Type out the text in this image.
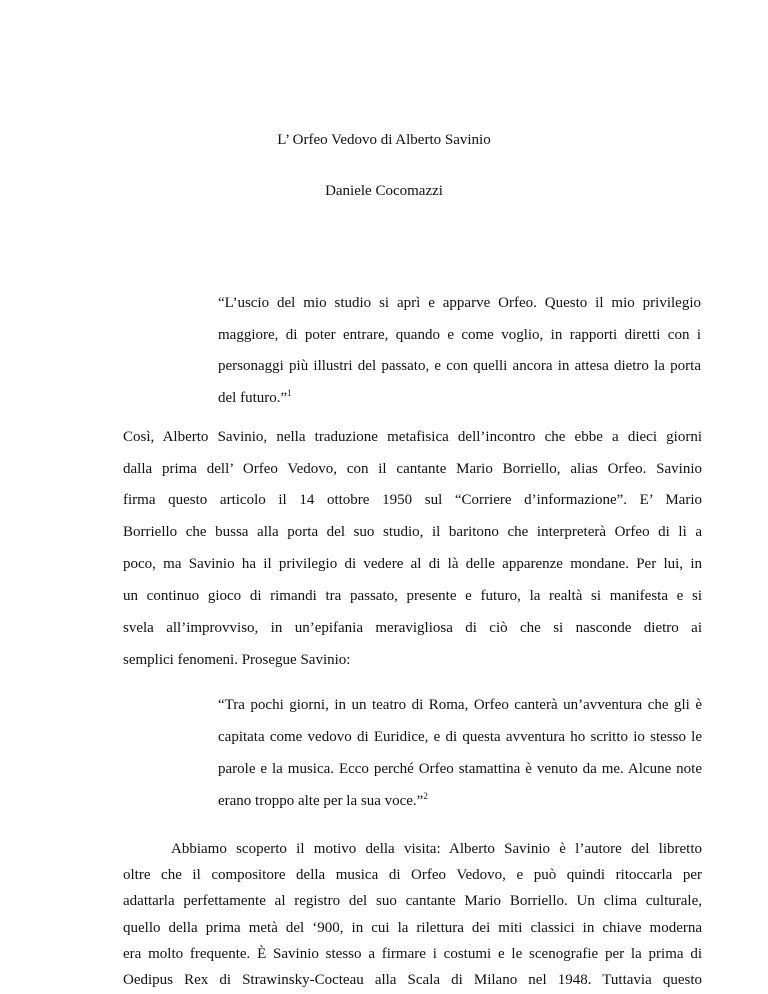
L’ Orfeo Vedovo di Alberto Savinio
Daniele Cocomazzi
“L’uscio del mio studio si aprì e apparve Orfeo. Questo il mio privilegio
maggiore, di poter entrare, quando e come voglio, in rapporti diretti con i
personaggi più illustri del passato, e con quelli ancora in attesa dietro la porta
del futuro.”$^1$
Così, Alberto Savinio, nella traduzione metafisica dell’incontro che ebbe a dieci giorni
dalla prima dell’ Orfeo Vedovo, con il cantante Mario Borriello, alias Orfeo. Savinio
firma questo articolo il 14 ottobre 1950 sul “Corriere d’informazione”. E’ Mario
Borriello che bussa alla porta del suo studio, il baritono che interpreterà Orfeo di lì a
poco, ma Savinio ha il privilegio di vedere al di là delle apparenze mondane. Per lui, in
un continuo gioco di rimandi tra passato, presente e futuro, la realtà si manifesta e si
svela all’improvviso, in un’epifania meravigliosa di ciò che si nasconde dietro ai
semplici fenomeni. Prosegue Savinio:
“Tra pochi giorni, in un teatro di Roma, Orfeo canterà un’avventura che gli è
capitata come vedovo di Euridice, e di questa avventura ho scritto io stesso le
parole e la musica. Ecco perché Orfeo stamattina è venuto da me. Alcune note
erano troppo alte per la sua voce.”$^2$
Abbiamo scoperto il motivo della visita: Alberto Savinio è l’autore del libretto
oltre che il compositore della musica di Orfeo Vedovo, e può quindi ritoccarla per
adattarla perfettamente al registro del suo cantante Mario Borriello. Un clima culturale,
quello della prima metà del ‘900, in cui la rilettura dei miti classici in chiave moderna
era molto frequente. È Savinio stesso a firmare i costumi e le scenografie per la prima di
Oedipus Rex di Strawinsky-Cocteau alla Scala di Milano nel 1948. Tuttavia questo
